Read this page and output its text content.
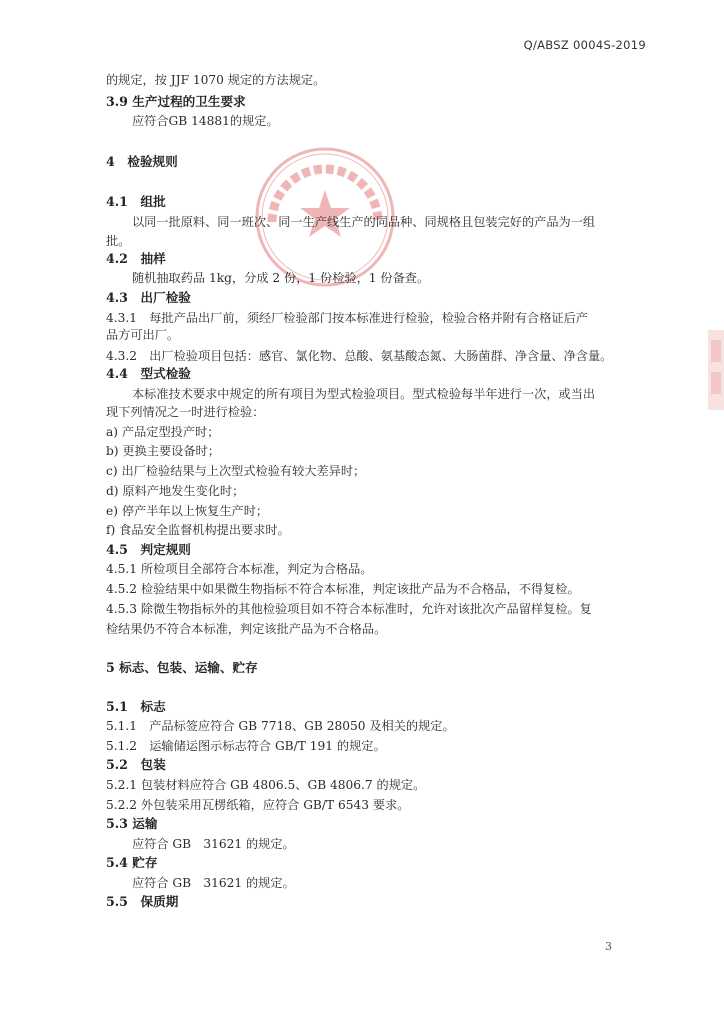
Q/ABSZ 0004S-2019
的规定，按 JJF 1070 规定的方法规定。
3.9 生产过程的卫生要求
应符合GB 14881的规定。
4　检验规则
4.1　组批
以同一批原料、同一班次、同一生产线生产的同品种、同规格且包装完好的产品为一组
批。
4.2　抽样
随机抽取药品 1kg，分成 2 份，1 份检验，1 份备查。
4.3　出厂检验
4.3.1　每批产品出厂前，须经厂检验部门按本标准进行检验，检验合格并附有合格证后产
品方可出厂。
4.3.2　出厂检验项目包括：感官、氯化物、总酸、氨基酸态氮、大肠菌群、净含量、净含量。
4.4　型式检验
本标准技术要求中规定的所有项目为型式检验项目。型式检验每半年进行一次，或当出
现下列情况之一时进行检验：
a) 产品定型投产时；
b) 更换主要设备时；
c) 出厂检验结果与上次型式检验有较大差异时；
d) 原料产地发生变化时；
e) 停产半年以上恢复生产时；
f) 食品安全监督机构提出要求时。
4.5　判定规则
4.5.1 所检项目全部符合本标准，判定为合格品。
4.5.2 检验结果中如果微生物指标不符合本标准，判定该批产品为不合格品，不得复检。
4.5.3 除微生物指标外的其他检验项目如不符合本标准时，允许对该批次产品留样复检。复
检结果仍不符合本标准，判定该批产品为不合格品。
5 标志、包装、运输、贮存
5.1　标志
5.1.1　产品标签应符合 GB 7718、GB 28050 及相关的规定。
5.1.2　运输储运图示标志符合 GB/T 191 的规定。
5.2　包装
5.2.1 包装材料应符合 GB 4806.5、GB 4806.7 的规定。
5.2.2 外包装采用瓦楞纸箱，应符合 GB/T 6543 要求。
5.3 运输
应符合 GB　31621 的规定。
5.4 贮存
应符合 GB　31621 的规定。
5.5　保质期
3
